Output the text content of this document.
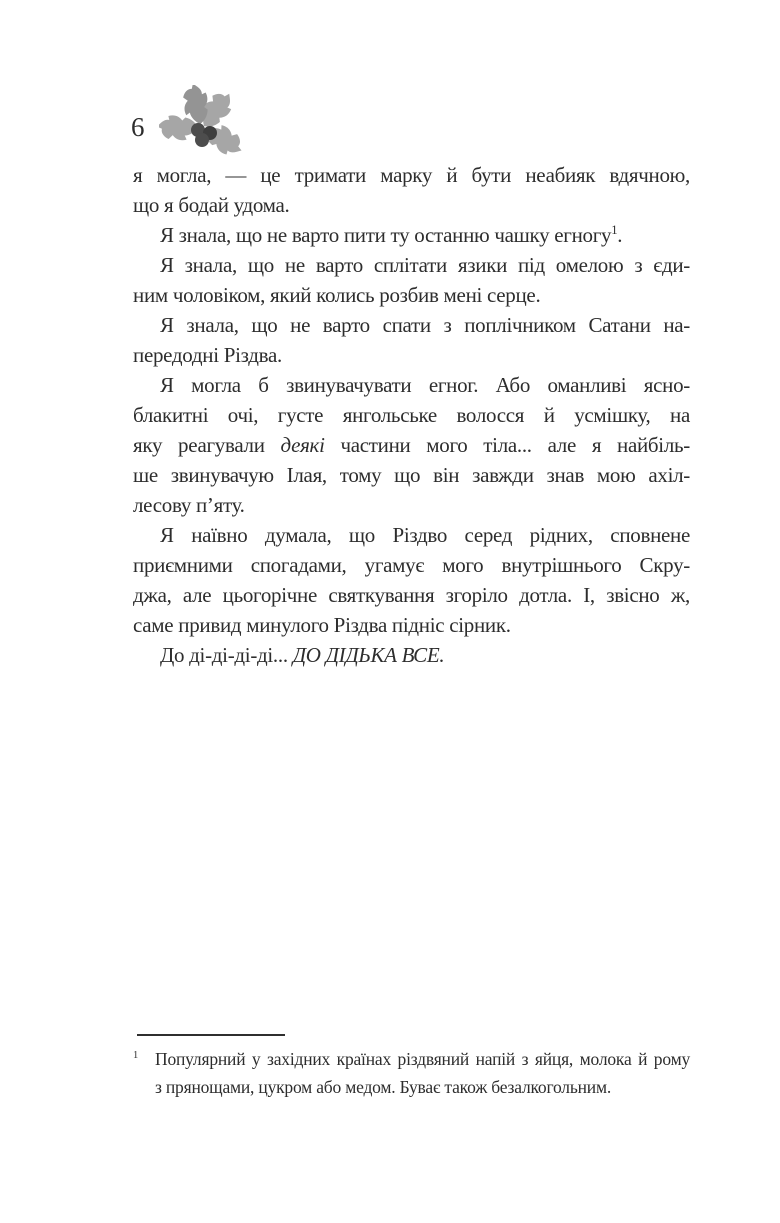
6
я могла, — це тримати марку й бути неабияк вдячною,
що я бодай удома.
Я знала, що не варто пити ту останню чашку егногу$^1$.
Я знала, що не варто сплітати язики під омелою з єди-
ним чоловіком, який колись розбив мені серце.
Я знала, що не варто спати з поплічником Сатани на-
передодні Різдва.
Я могла б звинувачувати егног. Або оманливі ясно-
блакитні очі, густе янгольське волосся й усмішку, на
яку реагували деякі частини мого тіла... але я найбіль-
ше звинувачую Ілая, тому що він завжди знав мою ахіл-
лесову п’яту.
Я наївно думала, що Різдво серед рідних, сповнене
приємними спогадами, угамує мого внутрішнього Скру-
джа, але цьогорічне святкування згоріло дотла. І, звісно ж,
саме привид минулого Різдва підніс сірник.
До ді-ді-ді-ді... ДО ДІДЬКА ВСЕ.
$^1$ Популярний у західних країнах різдвяний напій з яйця, молока й рому
з прянощами, цукром або медом. Буває також безалкогольним.
